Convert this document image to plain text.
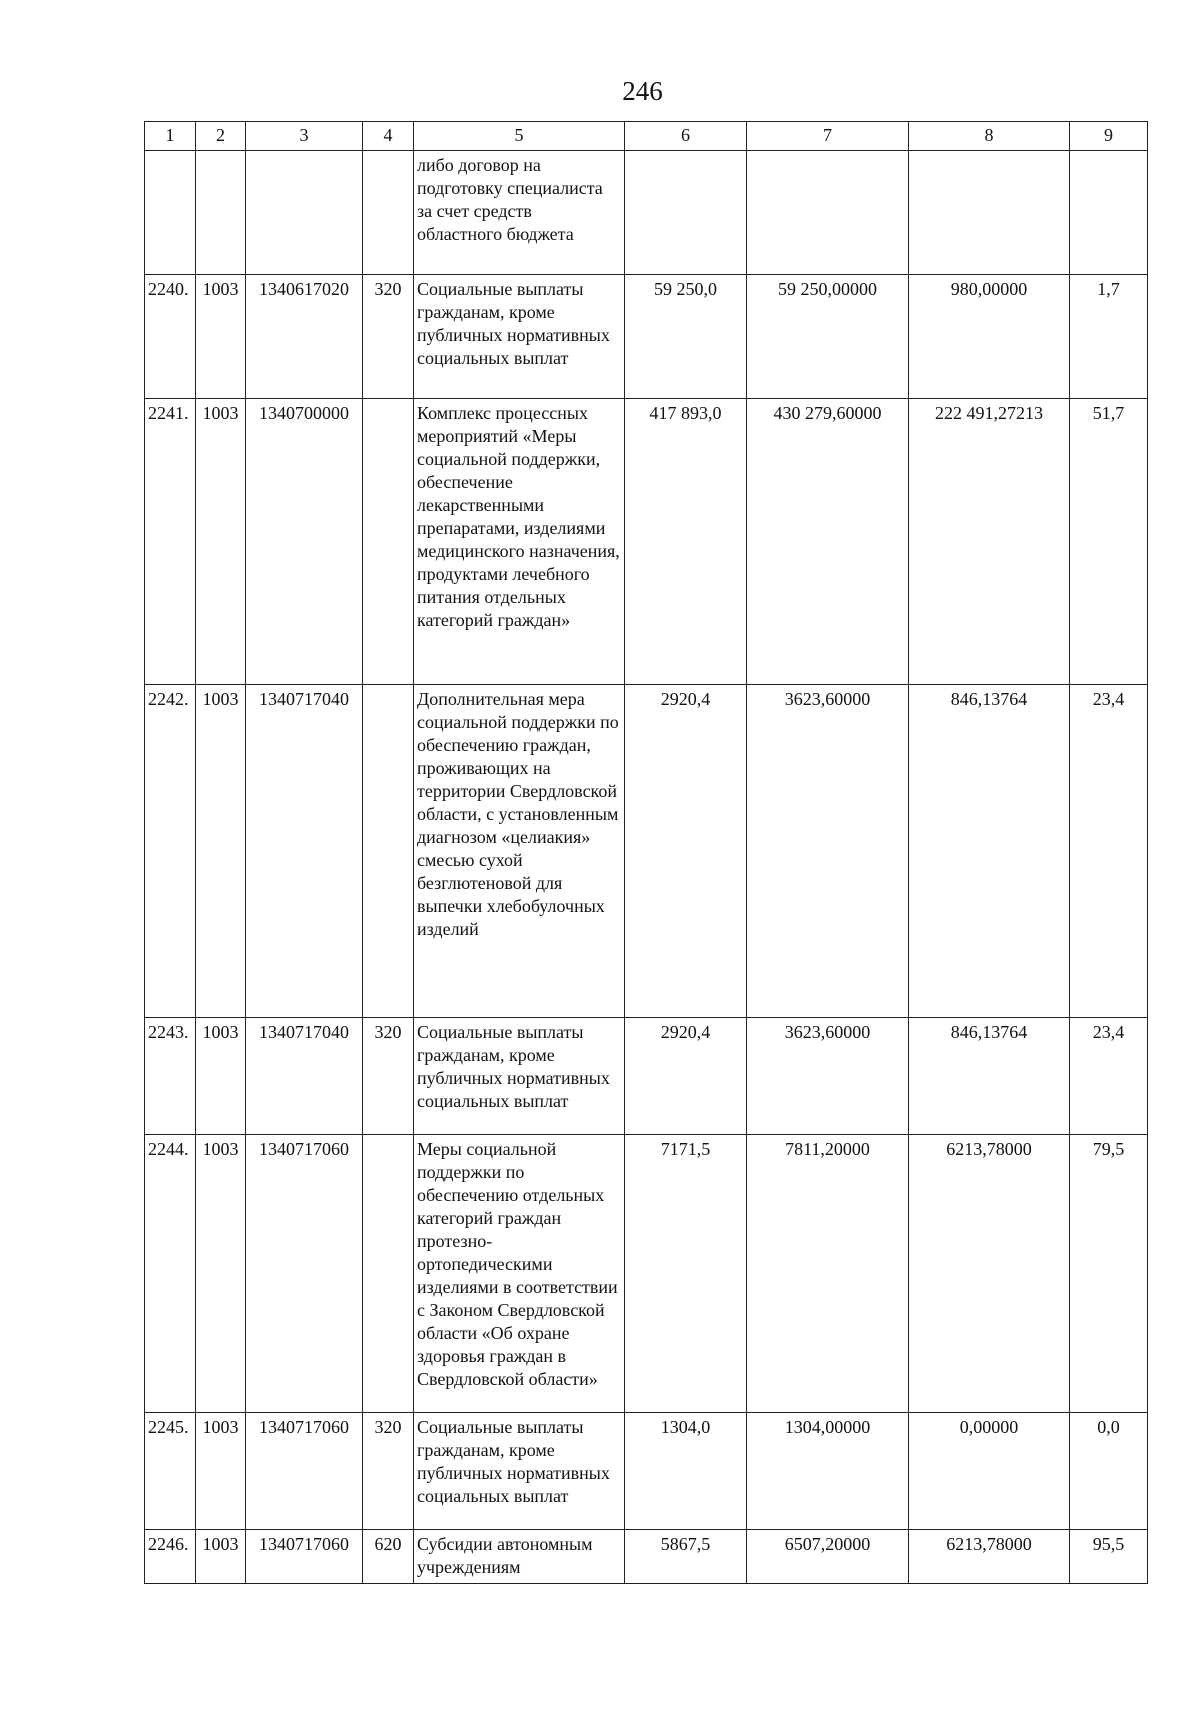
246
1	2	3	4	5	6	7	8	9
				либо договор на подготовку специалиста за счет средств областного бюджета				
2240.	1003	1340617020	320	Социальные выплаты гражданам, кроме публичных нормативных социальных выплат	59 250,0	59 250,00000	980,00000	1,7
2241.	1003	1340700000		Комплекс процессных мероприятий «Меры социальной поддержки, обеспечение лекарственными препаратами, изделиями медицинского назначения, продуктами лечебного питания отдельных категорий граждан»	417 893,0	430 279,60000	222 491,27213	51,7
2242.	1003	1340717040		Дополнительная мера социальной поддержки по обеспечению граждан, проживающих на территории Свердловской области, с установленным диагнозом «целиакия» смесью сухой безглютеновой для выпечки хлебобулочных изделий	2920,4	3623,60000	846,13764	23,4
2243.	1003	1340717040	320	Социальные выплаты гражданам, кроме публичных нормативных социальных выплат	2920,4	3623,60000	846,13764	23,4
2244.	1003	1340717060		Меры социальной поддержки по обеспечению отдельных категорий граждан протезно-ортопедическими изделиями в соответствии с Законом Свердловской области «Об охране здоровья граждан в Свердловской области»	7171,5	7811,20000	6213,78000	79,5
2245.	1003	1340717060	320	Социальные выплаты гражданам, кроме публичных нормативных социальных выплат	1304,0	1304,00000	0,00000	0,0
2246.	1003	1340717060	620	Субсидии автономным учреждениям	5867,5	6507,20000	6213,78000	95,5
